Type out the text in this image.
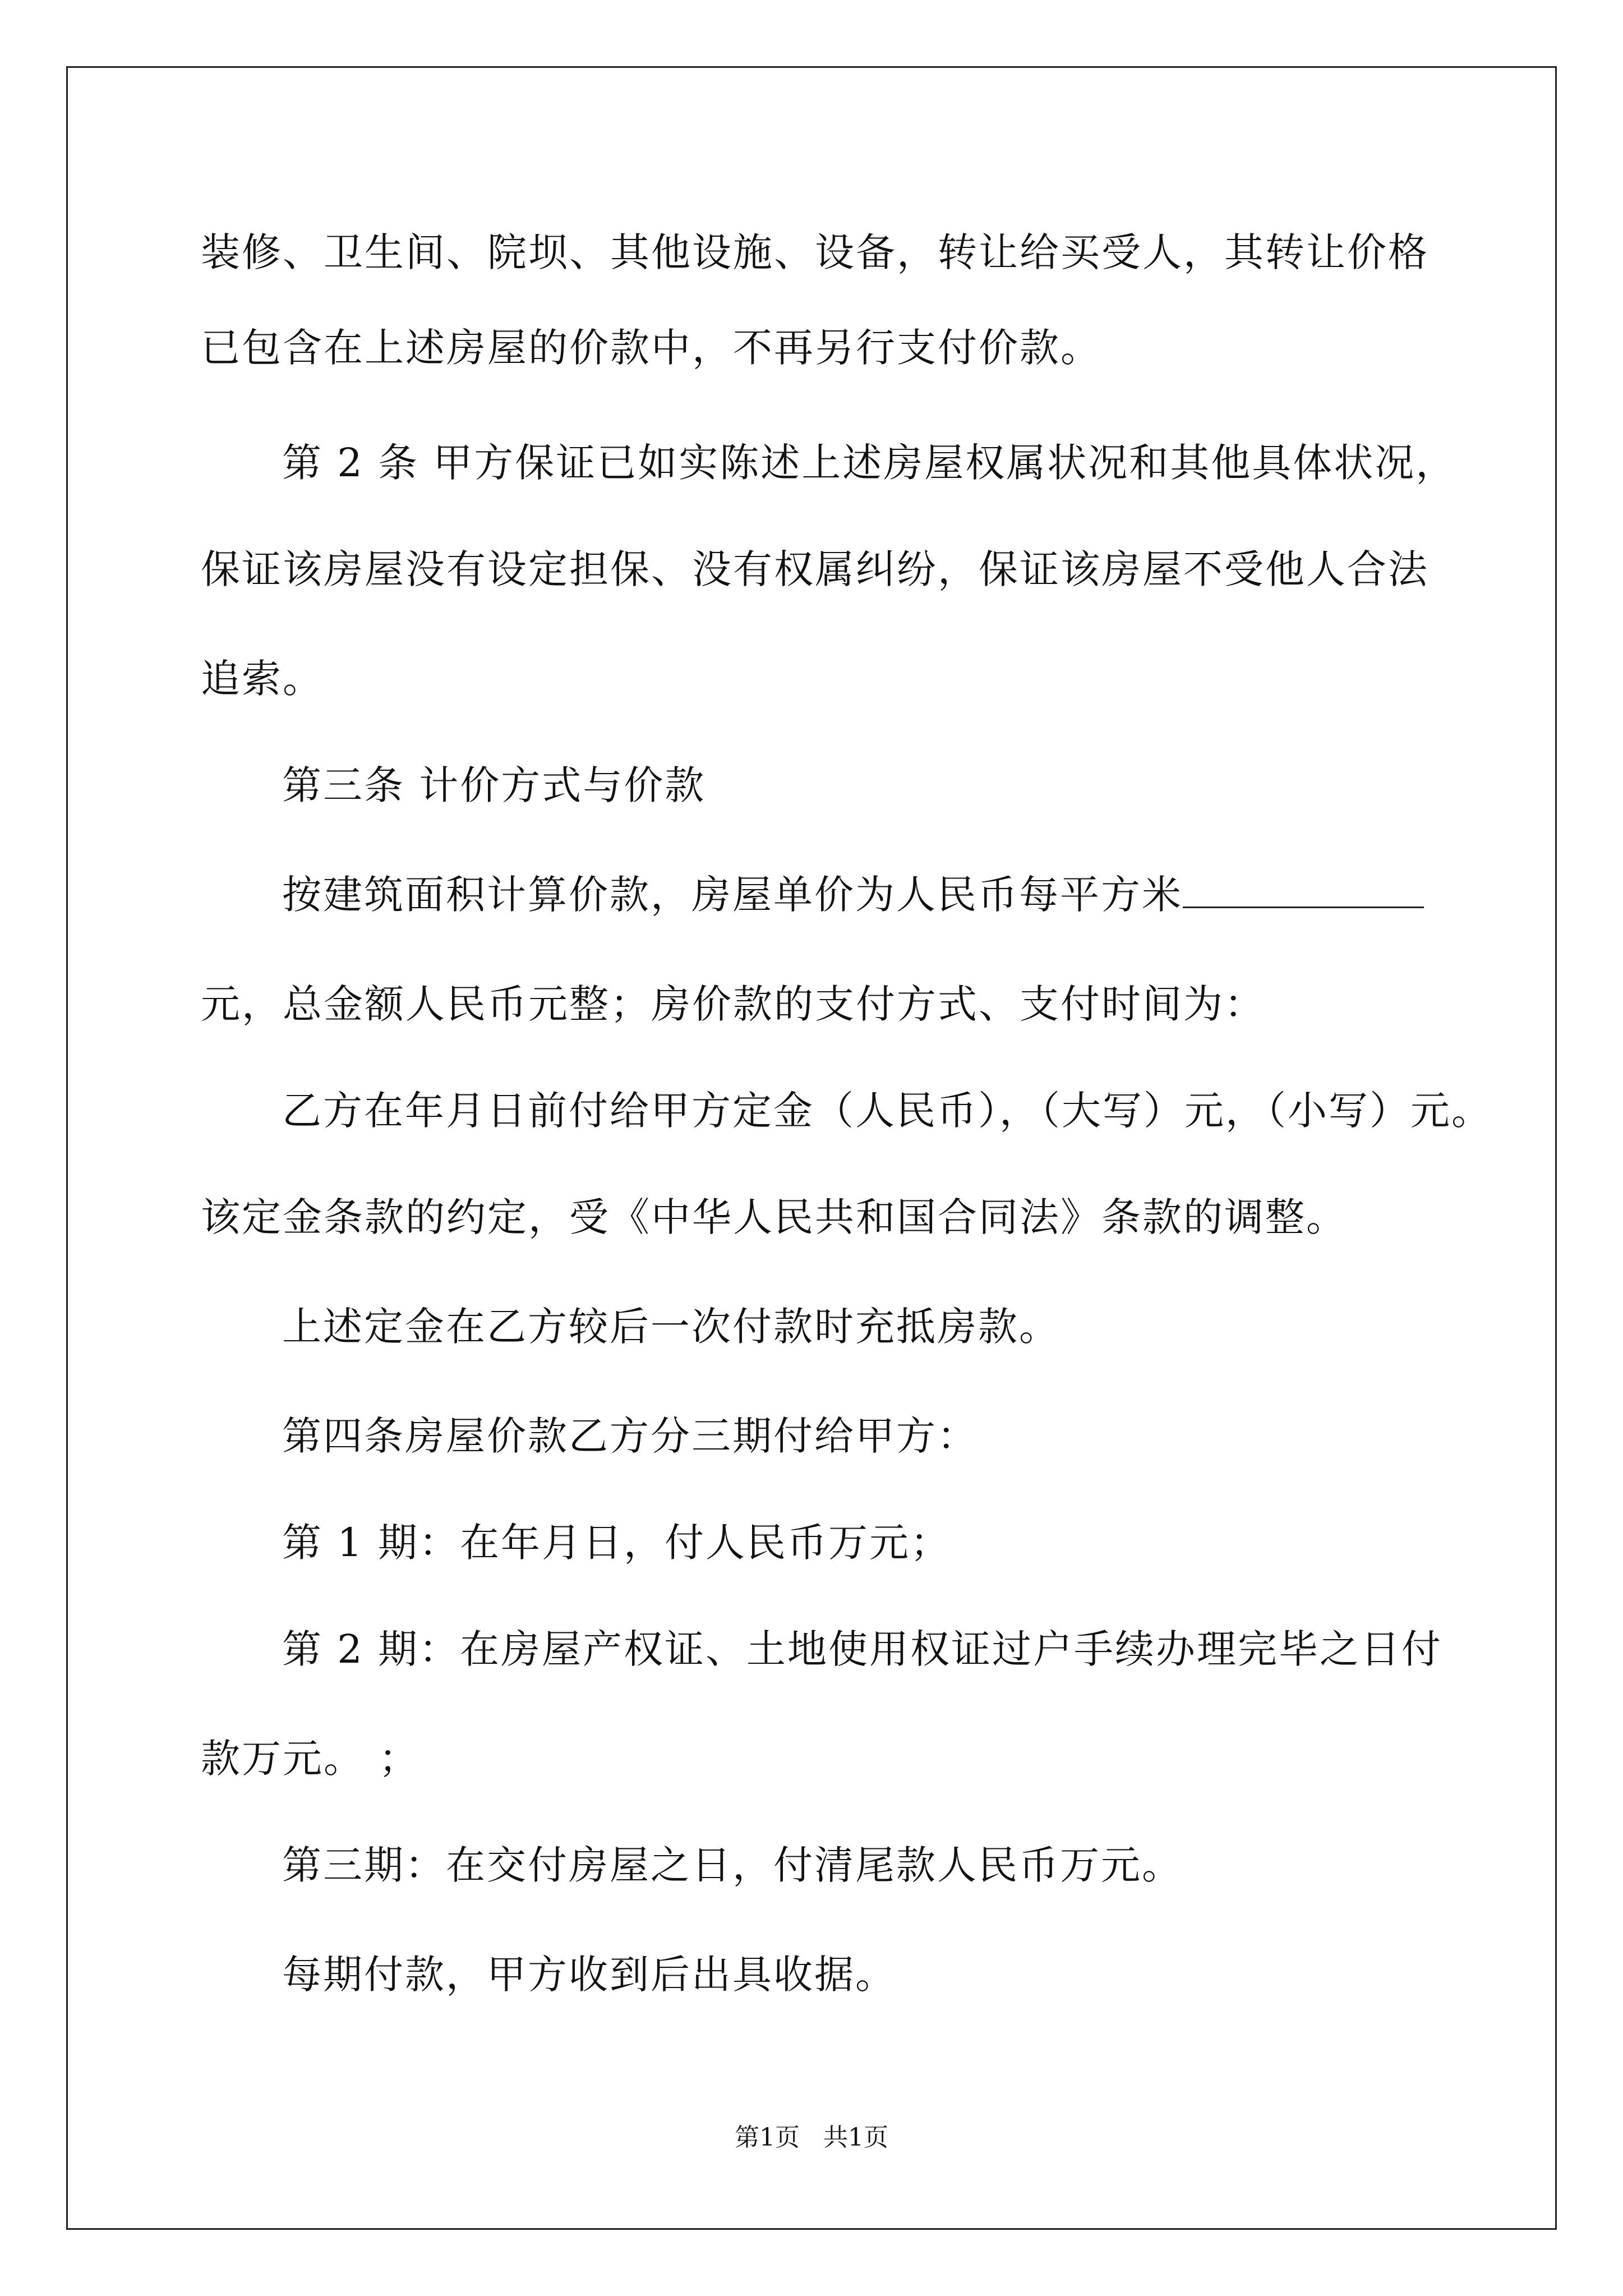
装修、卫生间、院坝、其他设施、设备，转让给买受人，其转让价格
已包含在上述房屋的价款中，不再另行支付价款。
第 2 条 甲方保证已如实陈述上述房屋权属状况和其他具体状况，
保证该房屋没有设定担保、没有权属纠纷，保证该房屋不受他人合法
追索。
第三条 计价方式与价款
按建筑面积计算价款，房屋单价为人民币每平方米
元，总金额人民币元整；房价款的支付方式、支付时间为：
乙方在年月日前付给甲方定金（人民币），（大写）元，（小写）元。
该定金条款的约定，受《中华人民共和国合同法》条款的调整。
上述定金在乙方较后一次付款时充抵房款。
第四条房屋价款乙方分三期付给甲方：
第 1 期：在年月日，付人民币万元；
第 2 期：在房屋产权证、土地使用权证过户手续办理完毕之日付
款万元。 ；
第三期：在交付房屋之日，付清尾款人民币万元。
每期付款，甲方收到后出具收据。
第1页   共1页
